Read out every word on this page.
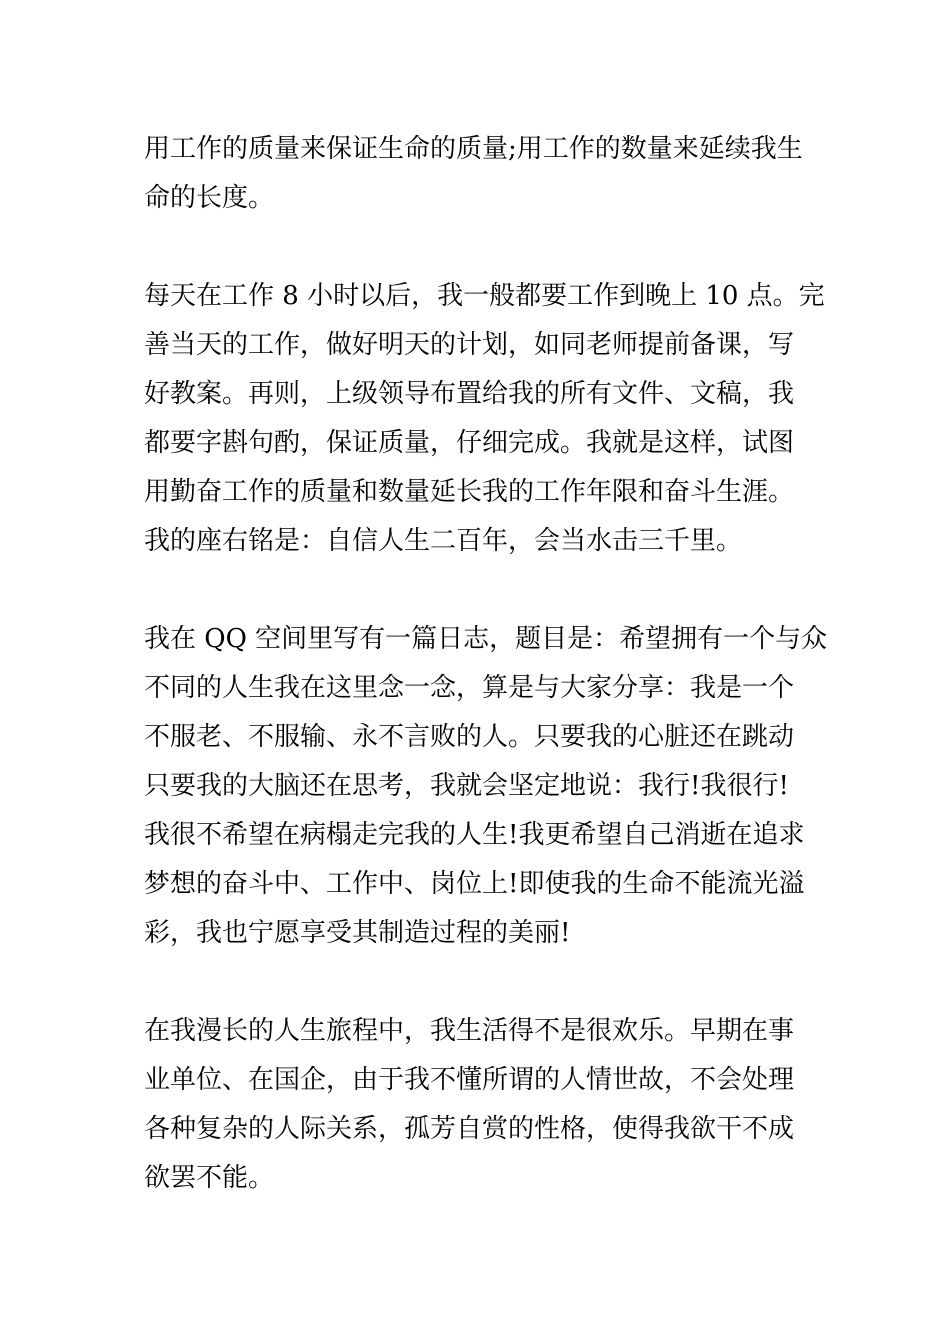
用工作的质量来保证生命的质量;用工作的数量来延续我生
命的长度。

每天在工作 8 小时以后，我一般都要工作到晚上 10 点。完
善当天的工作，做好明天的计划，如同老师提前备课，写
好教案。再则，上级领导布置给我的所有文件、文稿，我
都要字斟句酌，保证质量，仔细完成。我就是这样，试图
用勤奋工作的质量和数量延长我的工作年限和奋斗生涯。
我的座右铭是：自信人生二百年，会当水击三千里。

我在 QQ 空间里写有一篇日志，题目是：希望拥有一个与众
不同的人生我在这里念一念，算是与大家分享：我是一个
不服老、不服输、永不言败的人。只要我的心脏还在跳动
只要我的大脑还在思考，我就会坚定地说：我行!我很行!
我很不希望在病榻走完我的人生!我更希望自己消逝在追求
梦想的奋斗中、工作中、岗位上!即使我的生命不能流光溢
彩，我也宁愿享受其制造过程的美丽!

在我漫长的人生旅程中，我生活得不是很欢乐。早期在事
业单位、在国企，由于我不懂所谓的人情世故，不会处理
各种复杂的人际关系，孤芳自赏的性格，使得我欲干不成
欲罢不能。
